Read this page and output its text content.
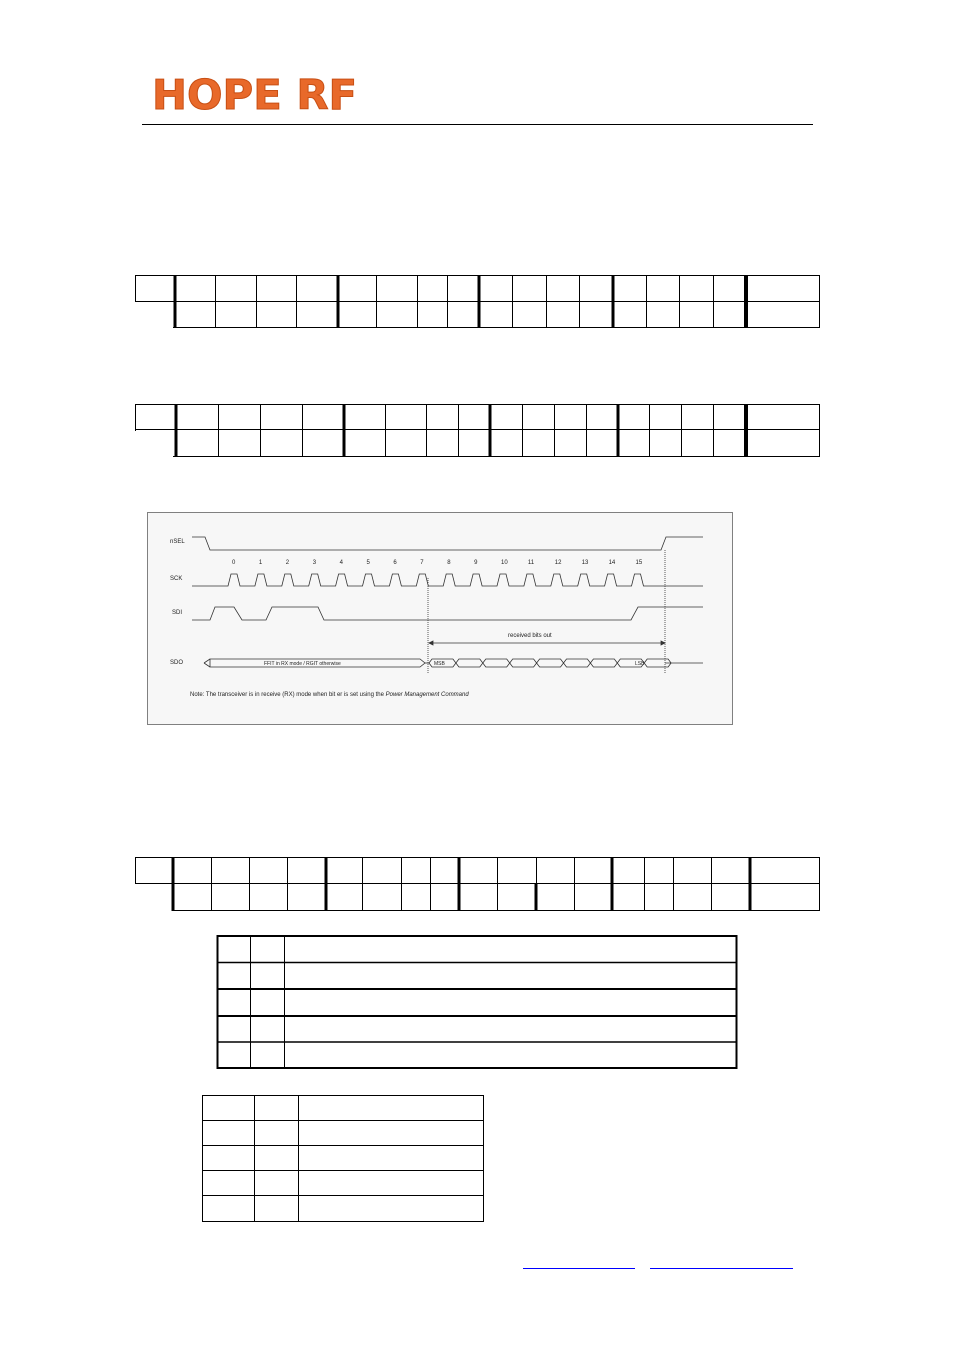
HOPE RF
nSEL
SCK
SDI
SDO
0	1	2	3	4	5	6	7	8	9	10	11	12	13	14	15
received bits out
FFIT in RX mode / RGIT otherwise	MSB	LSB
Note: The transceiver is in receive (RX) mode when bit er is set using the Power Management Command
